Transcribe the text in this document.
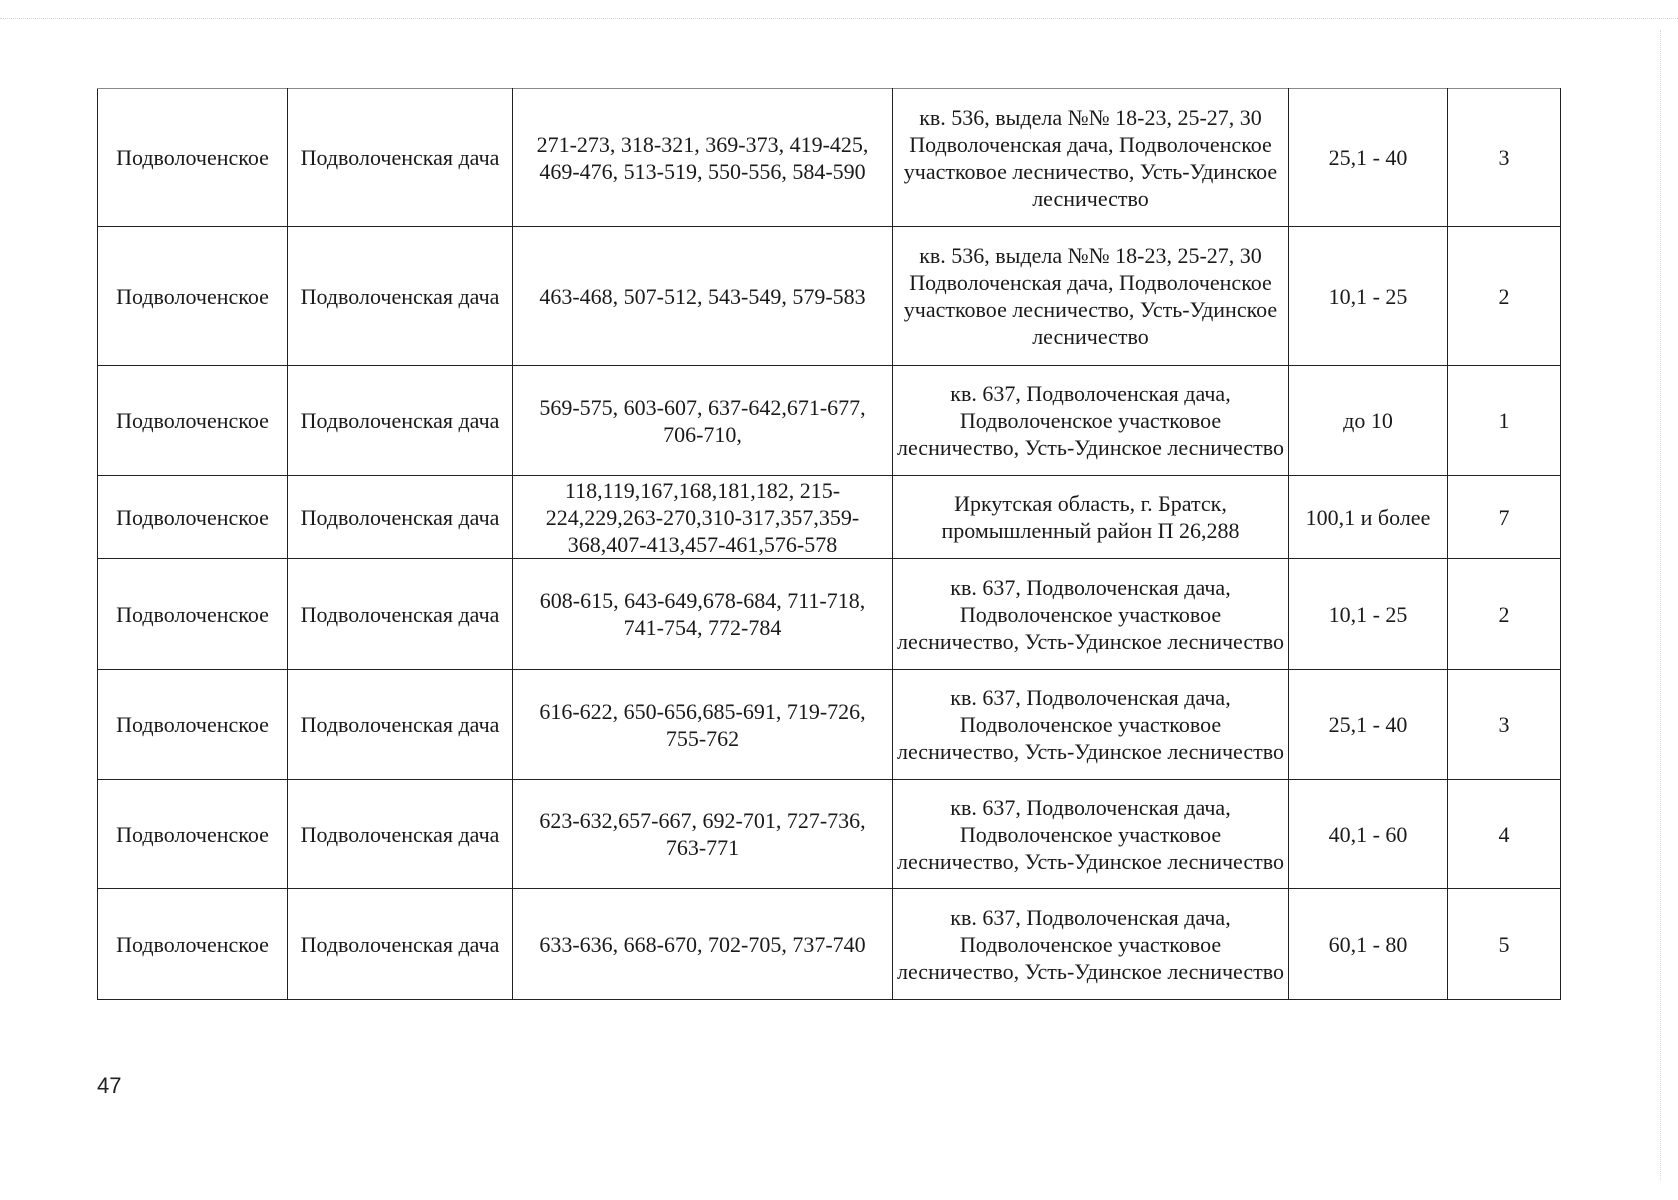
Подволоченское	Подволоченская дача	271-273, 318-321, 369-373, 419-425, 469-476, 513-519, 550-556, 584-590	кв. 536, выдела №№ 18-23, 25-27, 30 Подволоченская дача, Подволоченское участковое лесничество, Усть-Удинское лесничество	25,1 - 40	3
Подволоченское	Подволоченская дача	463-468, 507-512, 543-549, 579-583	кв. 536, выдела №№ 18-23, 25-27, 30 Подволоченская дача, Подволоченское участковое лесничество, Усть-Удинское лесничество	10,1 - 25	2
Подволоченское	Подволоченская дача	569-575, 603-607, 637-642,671-677, 706-710,	кв. 637, Подволоченская дача, Подволоченское участковое лесничество, Усть-Удинское лесничество	до 10	1
Подволоченское	Подволоченская дача	118,119,167,168,181,182, 215-224,229,263-270,310-317,357,359-368,407-413,457-461,576-578	Иркутская область, г. Братск, промышленный район П 26,288	100,1 и более	7
Подволоченское	Подволоченская дача	608-615, 643-649,678-684, 711-718, 741-754, 772-784	кв. 637, Подволоченская дача, Подволоченское участковое лесничество, Усть-Удинское лесничество	10,1 - 25	2
Подволоченское	Подволоченская дача	616-622, 650-656,685-691, 719-726, 755-762	кв. 637, Подволоченская дача, Подволоченское участковое лесничество, Усть-Удинское лесничество	25,1 - 40	3
Подволоченское	Подволоченская дача	623-632,657-667, 692-701, 727-736, 763-771	кв. 637, Подволоченская дача, Подволоченское участковое лесничество, Усть-Удинское лесничество	40,1 - 60	4
Подволоченское	Подволоченская дача	633-636, 668-670, 702-705, 737-740	кв. 637, Подволоченская дача, Подволоченское участковое лесничество, Усть-Удинское лесничество	60,1 - 80	5
47
